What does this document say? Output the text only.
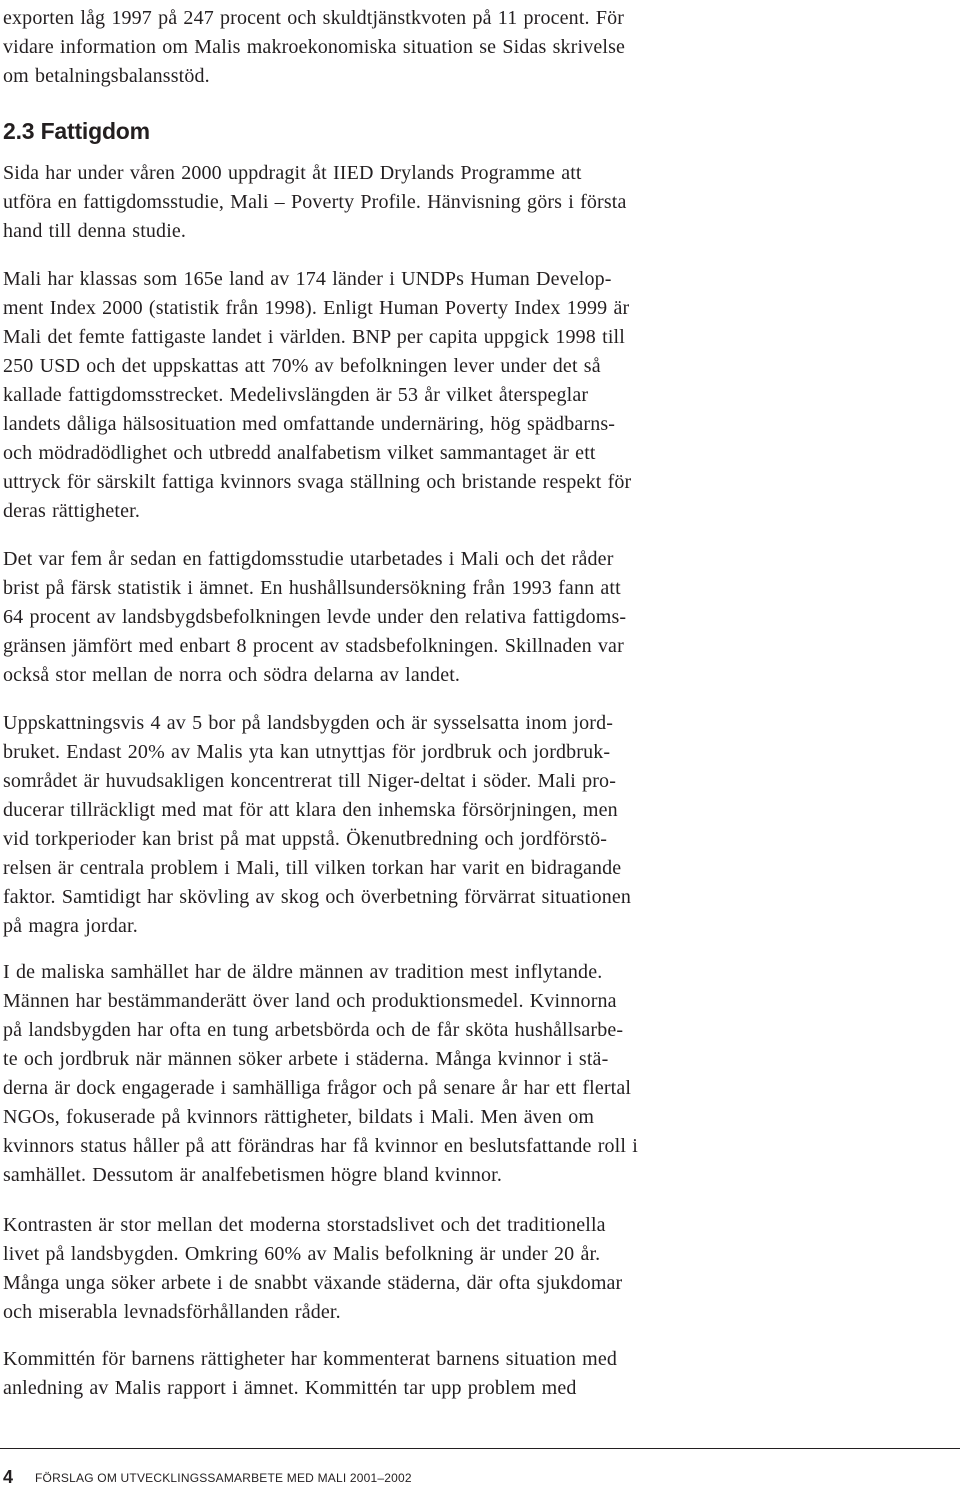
exporten låg 1997 på 247 procent och skuldtjänstkvoten på 11 procent. För
vidare information om Malis makroekonomiska situation se Sidas skrivelse
om betalningsbalansstöd.
2.3 Fattigdom
Sida har under våren 2000 uppdragit åt IIED Drylands Programme att
utföra en fattigdomsstudie, Mali – Poverty Profile. Hänvisning görs i första
hand till denna studie.
Mali har klassas som 165e land av 174 länder i UNDPs Human Develop-
ment Index 2000 (statistik från 1998). Enligt Human Poverty Index 1999 är
Mali det femte fattigaste landet i världen. BNP per capita uppgick 1998 till
250 USD och det uppskattas att 70% av befolkningen lever under det så
kallade fattigdomsstrecket. Medelivslängden är 53 år vilket återspeglar
landets dåliga hälsosituation med omfattande undernäring, hög spädbarns-
och mödradödlighet och utbredd analfabetism vilket sammantaget är ett
uttryck för särskilt fattiga kvinnors svaga ställning och bristande respekt för
deras rättigheter.
Det var fem år sedan en fattigdomsstudie utarbetades i Mali och det råder
brist på färsk statistik i ämnet. En hushållsundersökning från 1993 fann att
64 procent av landsbygdsbefolkningen levde under den relativa fattigdoms-
gränsen jämfört med enbart 8 procent av stadsbefolkningen. Skillnaden var
också stor mellan de norra och södra delarna av landet.
Uppskattningsvis 4 av 5 bor på landsbygden och är sysselsatta inom jord-
bruket. Endast 20% av Malis yta kan utnyttjas för jordbruk och jordbruk-
sområdet är huvudsakligen koncentrerat till Niger-deltat i söder. Mali pro-
ducerar tillräckligt med mat för att klara den inhemska försörjningen, men
vid torkperioder kan brist på mat uppstå. Ökenutbredning och jordförstö-
relsen är centrala problem i Mali, till vilken torkan har varit en bidragande
faktor. Samtidigt har skövling av skog och överbetning förvärrat situationen
på magra jordar.
I de maliska samhället har de äldre männen av tradition mest inflytande.
Männen har bestämmanderätt över land och produktionsmedel. Kvinnorna
på landsbygden har ofta en tung arbetsbörda och de får sköta hushållsarbe-
te och jordbruk när männen söker arbete i städerna. Många kvinnor i stä-
derna är dock engagerade i samhälliga frågor och på senare år har ett flertal
NGOs, fokuserade på kvinnors rättigheter, bildats i Mali. Men även om
kvinnors status håller på att förändras har få kvinnor en beslutsfattande roll i
samhället. Dessutom är analfebetismen högre bland kvinnor.
Kontrasten är stor mellan det moderna storstadslivet och det traditionella
livet på landsbygden. Omkring 60% av Malis befolkning är under 20 år.
Många unga söker arbete i de snabbt växande städerna, där ofta sjukdomar
och miserabla levnadsförhållanden råder.
Kommittén för barnens rättigheter har kommenterat barnens situation med
anledning av Malis rapport i ämnet. Kommittén tar upp problem med
4 FÖRSLAG OM UTVECKLINGSSAMARBETE MED MALI 2001–2002
